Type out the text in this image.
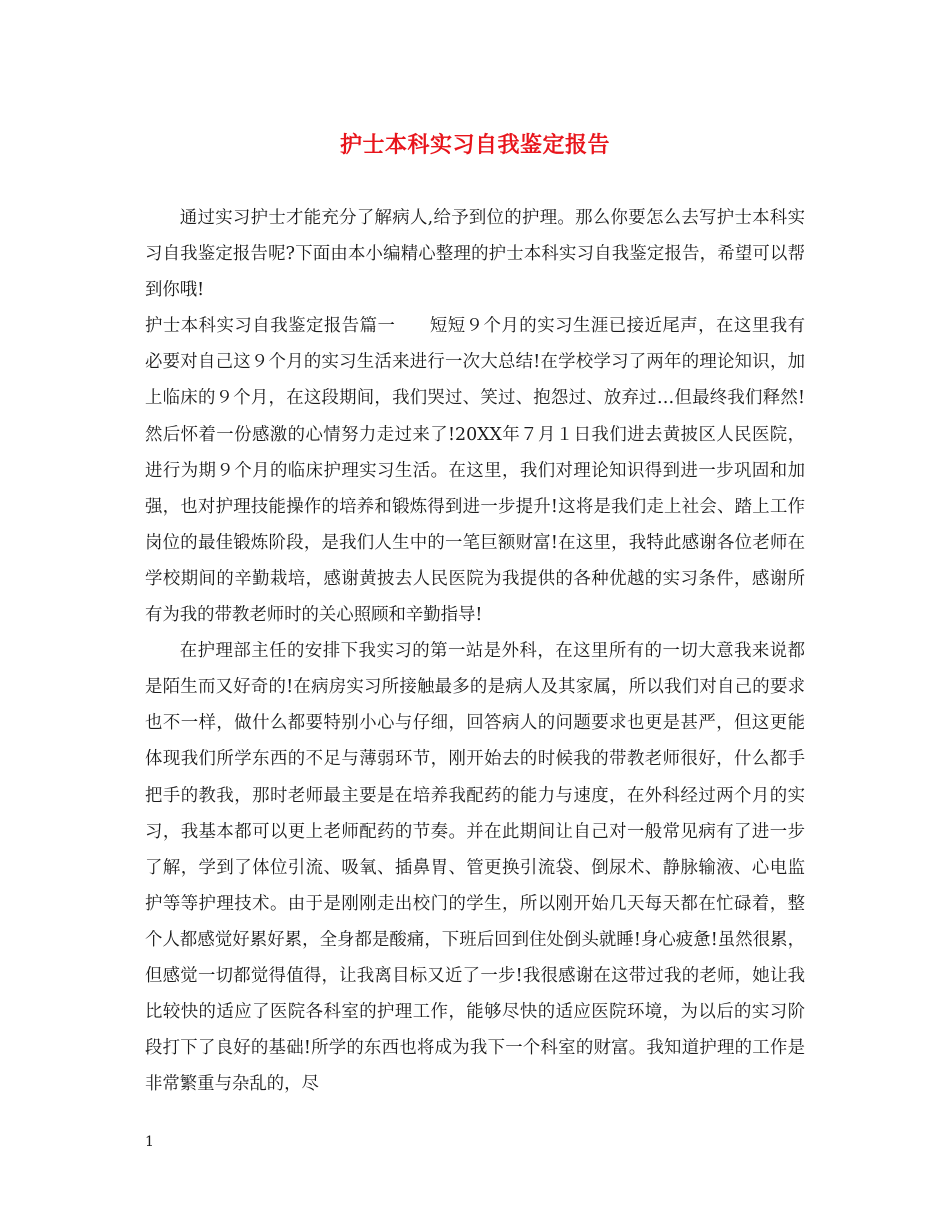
护士本科实习自我鉴定报告

通过实习护士才能充分了解病人,给予到位的护理。那么你要怎么去写护士本科实习自我鉴定报告呢?下面由本小编精心整理的护士本科实习自我鉴定报告，希望可以帮到你哦!

护士本科实习自我鉴定报告篇一 短短９个月的实习生涯已接近尾声，在这里我有必要对自己这９个月的实习生活来进行一次大总结!在学校学习了两年的理论知识，加上临床的９个月，在这段期间，我们哭过、笑过、抱怨过、放弃过…但最终我们释然!然后怀着一份感激的心情努力走过来了!20XX年７月１日我们进去黄披区人民医院，进行为期９个月的临床护理实习生活。在这里，我们对理论知识得到进一步巩固和加强，也对护理技能操作的培养和锻炼得到进一步提升!这将是我们走上社会、踏上工作岗位的最佳锻炼阶段，是我们人生中的一笔巨额财富!在这里，我特此感谢各位老师在学校期间的辛勤栽培，感谢黄披去人民医院为我提供的各种优越的实习条件，感谢所有为我的带教老师时的关心照顾和辛勤指导!

在护理部主任的安排下我实习的第一站是外科，在这里所有的一切大意我来说都是陌生而又好奇的!在病房实习所接触最多的是病人及其家属，所以我们对自己的要求也不一样，做什么都要特别小心与仔细，回答病人的问题要求也更是甚严，但这更能体现我们所学东西的不足与薄弱环节，刚开始去的时候我的带教老师很好，什么都手把手的教我，那时老师最主要是在培养我配药的能力与速度，在外科经过两个月的实习，我基本都可以更上老师配药的节奏。并在此期间让自己对一般常见病有了进一步了解，学到了体位引流、吸氧、插鼻胃、管更换引流袋、倒尿术、静脉输液、心电监护等等护理技术。由于是刚刚走出校门的学生，所以刚开始几天每天都在忙碌着，整个人都感觉好累好累，全身都是酸痛，下班后回到住处倒头就睡!身心疲惫!虽然很累，但感觉一切都觉得值得，让我离目标又近了一步!我很感谢在这带过我的老师，她让我比较快的适应了医院各科室的护理工作，能够尽快的适应医院环境，为以后的实习阶段打下了良好的基础!所学的东西也将成为我下一个科室的财富。我知道护理的工作是非常繁重与杂乱的，尽

1
